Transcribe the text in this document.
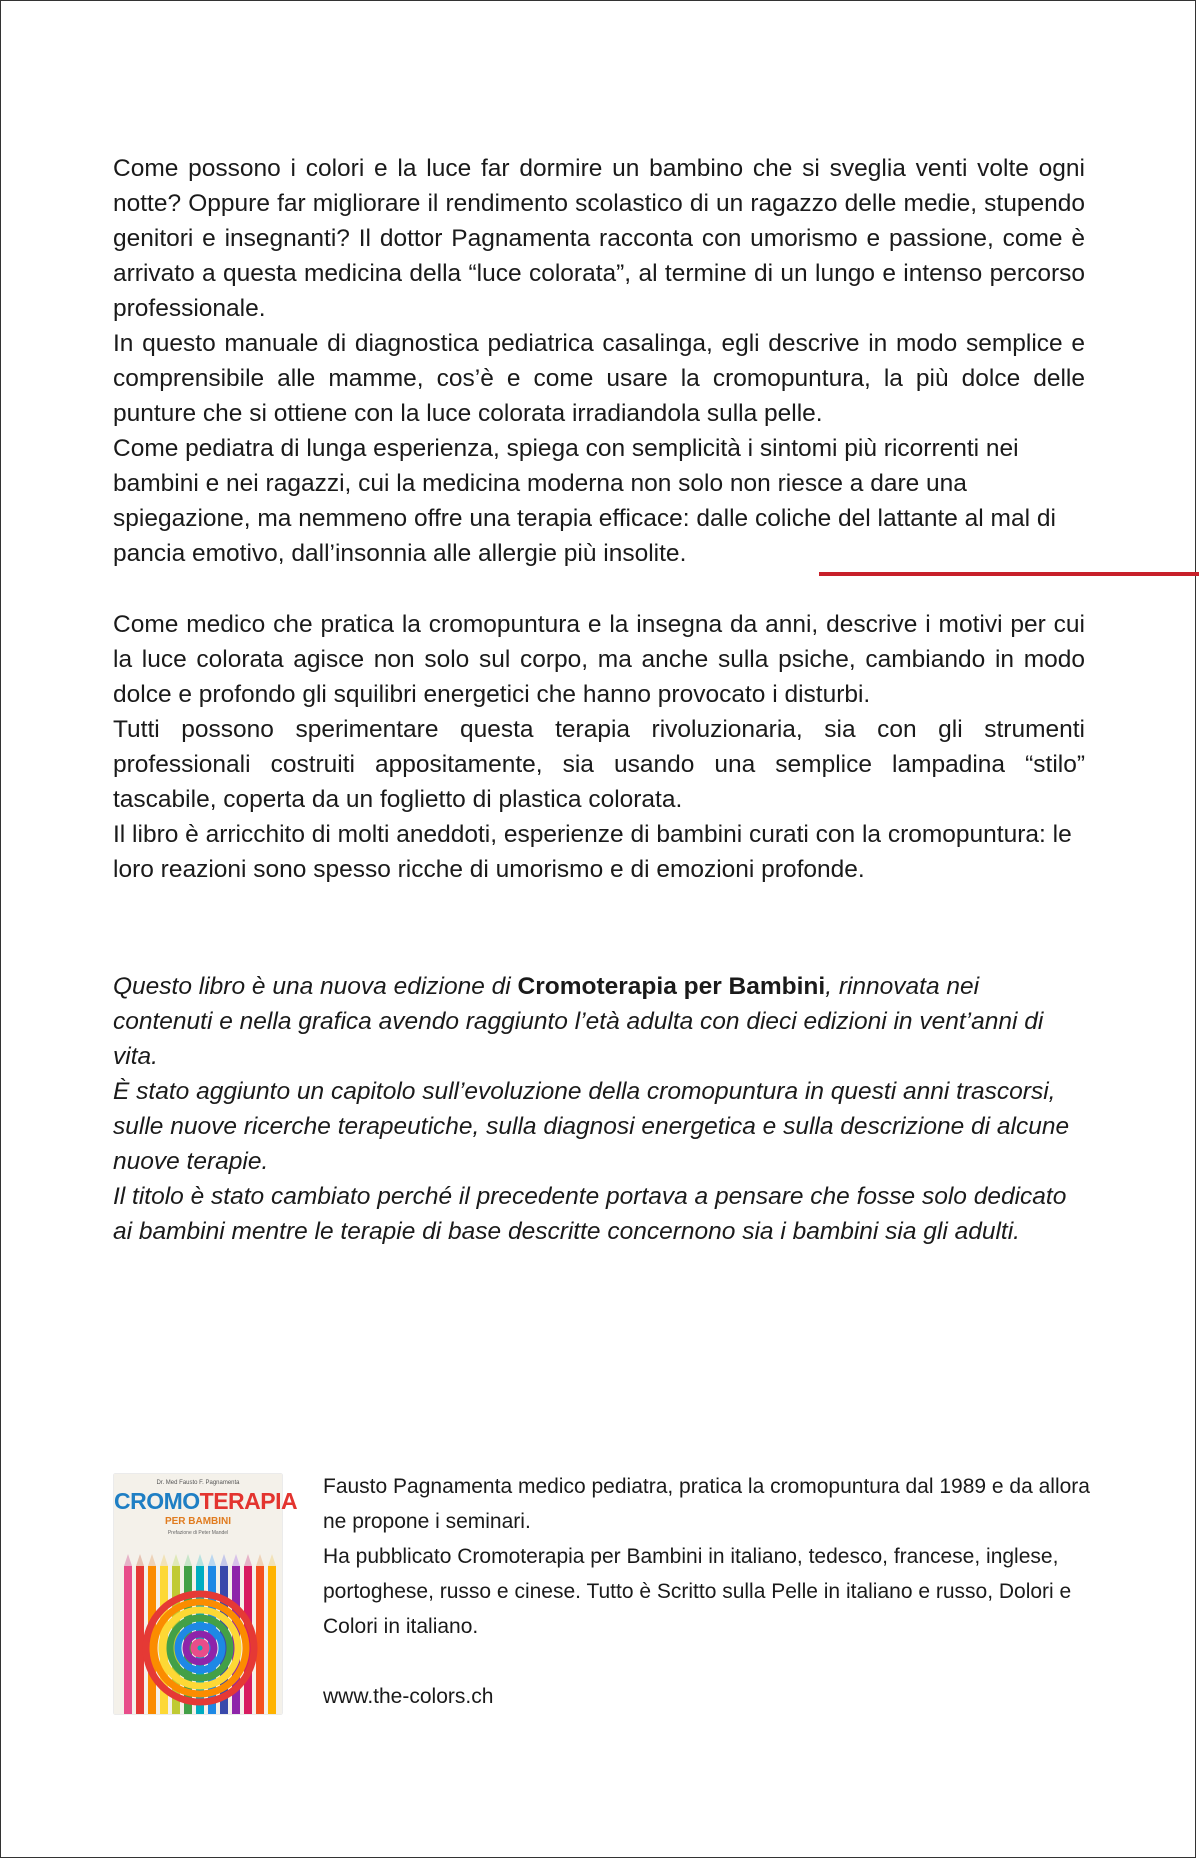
Come possono i colori e la luce far dormire un bambino che si sveglia venti volte ogni notte? Oppure far migliorare il rendimento scolastico di un ragazzo delle medie, stupendo genitori e insegnanti? Il dottor Pagnamenta racconta con umorismo e passione, come è arrivato a questa medicina della “luce colorata”, al termine di un lungo e intenso percorso professionale.

In questo manuale di diagnostica pediatrica casalinga, egli descrive in modo semplice e comprensibile alle mamme, cos’è e come usare la cromopuntura, la più dolce delle punture che si ottiene con la luce colorata irradiandola sulla pelle.

Come pediatra di lunga esperienza, spiega con semplicità i sintomi più ricorrenti nei bambini e nei ragazzi, cui la medicina moderna non solo non riesce a dare una spiegazione, ma nemmeno offre una terapia efficace: dalle coliche del lattante al mal di pancia emotivo, dall’insonnia alle allergie più insolite.

Come medico che pratica la cromopuntura e la insegna da anni, descrive i motivi per cui la luce colorata agisce non solo sul corpo, ma anche sulla psiche, cambiando in modo dolce e profondo gli squilibri energetici che hanno provocato i disturbi.

Tutti possono sperimentare questa terapia rivoluzionaria, sia con gli strumenti professionali costruiti appositamente, sia usando una semplice lampadina “stilo” tascabile, coperta da un foglietto di plastica colorata.

Il libro è arricchito di molti aneddoti, esperienze di bambini curati con la cromopuntura: le loro reazioni sono spesso ricche di umorismo e di emozioni profonde.

Questo libro è una nuova edizione di Cromoterapia per Bambini, rinnovata nei contenuti e nella grafica avendo raggiunto l’età adulta con dieci edizioni in vent’anni di vita.

È stato aggiunto un capitolo sull’evoluzione della cromopuntura in questi anni trascorsi, sulle nuove ricerche terapeutiche, sulla diagnosi energetica e sulla descrizione di alcune nuove terapie.

Il titolo è stato cambiato perché il precedente portava a pensare che fosse solo dedicato ai bambini mentre le terapie di base descritte concernono sia i bambini sia gli adulti.

Dr. Med Fausto F. Pagnamenta
CROMOTERAPIA
PER BAMBINI
Prefazione di Peter Mandel

Fausto Pagnamenta medico pediatra, pratica la cromopuntura dal 1989 e da allora ne propone i seminari.

Ha pubblicato Cromoterapia per Bambini in italiano, tedesco, francese, inglese, portoghese, russo e cinese. Tutto è Scritto sulla Pelle in italiano e russo, Dolori e Colori in italiano.

www.the-colors.ch
